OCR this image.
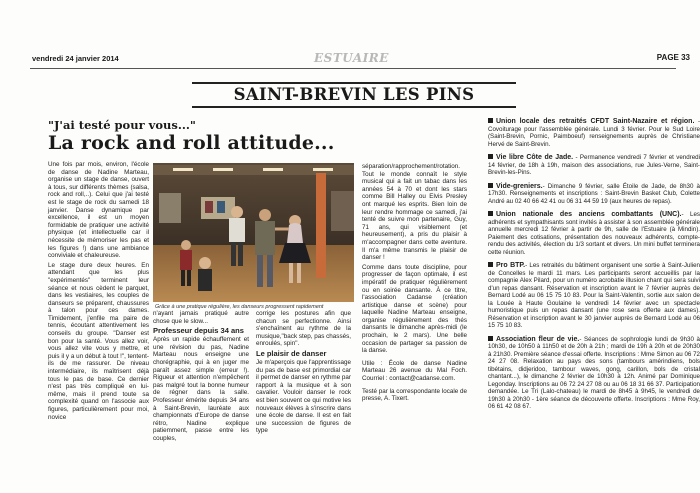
vendredi 24 janvier 2014	ESTUAIRE	PAGE 33
SAINT-BREVIN LES PINS
"J'ai testé pour vous..."
La rock and roll attitude...

Une fois par mois, environ, l'école de danse de Nadine Marteau, organise un stage de danse, ouvert à tous, sur différents thèmes (salsa, rock and roll,..). Celui que j'ai testé est le stage de rock du samedi 18 janvier. Danse dynamique par excellence, il est un moyen formidable de pratiquer une activité physique (et intellectuelle car il nécessite de mémoriser les pas et les figures !) dans une ambiance conviviale et chaleureuse.

Le stage dure deux heures. En attendant que les plus "expérimentés" terminent leur séance et nous cèdent le parquet, dans les vestiaires, les couples de danseurs se préparent, chaussures à talon pour ces dames. Timidement, j'enfile ma paire de tennis, écoutant attentivement les conseils du groupe. "Danser est bon pour la santé. Vous allez voir, vous allez vite vous y mettre, et puis il y a un début à tout !", tentent-ils de me rassurer. De niveau intermédiaire, ils maîtrisent déjà tous le pas de base. Ce dernier n'est pas très compliqué en lui-même, mais il prend toute sa complexité quand on l'associe aux figures, particulièrement pour moi, novice

Grâce à une pratique régulière, les danseurs progressent rapidement

n'ayant jamais pratiqué autre chose que le slow...

Professeur depuis 34 ans

Après un rapide échauffement et une révision du pas, Nadine Marteau nous enseigne une chorégraphie, qui à en juger me paraît assez simple (erreur !). Rigueur et attention n'empêchent pas malgré tout la bonne humeur de régner dans la salle. Professeur émérite depuis 34 ans à Saint-Brevin, lauréate aux championnats d'Europe de danse rétro, Nadine explique patiemment, passe entre les couples,

corrige les postures afin que chacun se perfectionne. Ainsi s'enchaînent au rythme de la musique,"back step, pas chassés, enroulés, spin".

Le plaisir de danser

Je m'aperçois que l'apprentissage du pas de base est primordial car il permet de danser en rythme par rapport à la musique et à son cavalier. Vouloir danser le rock est bien souvent ce qui motive les nouveaux élèves à s'inscrire dans une école de danse. Il est en fait une succession de figures de type

séparation/rapprochement/rotation. Tout le monde connaît le style musical qui a fait un tabac dans les années 54 à 70 et dont les stars comme Bill Halley ou Elvis Presley ont marqué les esprits. Bien loin de leur rendre hommage ce samedi, j'ai tenté de suivre mon partenaire, Guy, 71 ans, qui visiblement (et heureusement), a pris du plaisir à m'accompagner dans cette aventure. Il m'a même transmis le plaisir de danser !

Comme dans toute discipline, pour progresser de façon optimale, il est impératif de pratiquer régulièrement ou en soirée dansante. À ce titre, l'association Cadanse (création artistique danse et scène) pour laquelle Nadine Marteau enseigne, organise régulièrement des thés dansants le dimanche après-midi (le prochain, le 2 mars). Une belle occasion de partager sa passion de la danse.

Utile : École de danse Nadine Marteau 26 avenue du Mal Foch. Courriel : contact@cadanse.com.

Testé par la correspondante locale de presse, A. Tixert.

Union locale des retraités CFDT Saint-Nazaire et région. - Covoiturage pour l'assemblée générale. Lundi 3 février. Pour le Sud Loire (Saint-Brevin, Pornic, Paimboeuf) renseignements auprès de Christiane Hervé de Saint-Brevin.
Vie libre Côte de Jade. - Permanence vendredi 7 février et vendredi 14 février, de 18h à 19h, maison des associations, rue Jules-Verne, Saint-Brevin-les-Pins.
Vide-greniers.- Dimanche 9 février, salle Étoile de Jade, de 8h30 à 17h30. Renseignements et inscriptions : Saint-Brevin Basket Club, Colette André au 02 40 66 42 41 ou 06 31 44 59 19 (aux heures de repas).
Union nationale des anciens combattants (UNC).- Les adhérents et sympathisants sont invités à assister à son assemblée générale annuelle mercredi 12 février à partir de 9h, salle de l'Estuaire (à Mindin). Paiement des cotisations, présentation des nouveaux adhérents, compte-rendu des activités, élection du 1/3 sortant et divers. Un mini buffet terminera cette réunion.
Pro BTP.- Les retraités du bâtiment organisent une sortie à Saint-Julien de Concelles le mardi 11 mars. Les participants seront accueillis par la compagnie Alex Pilard, pour un numéro acrobatie illusion chant qui sera suivi d'un repas dansant. Réservation et inscription avant le 7 février auprès de Bernard Lodé au 06 15 75 10 83. Pour la Saint-Valentin, sortie aux salon de la Louée à Haute Goulaine le vendredi 14 février avec un spectacle humoristique puis un repas dansant (une rose sera offerte aux dames). Réservation et inscription avant le 30 janvier auprès de Bernard Lodé au 06 15 75 10 83.
Association fleur de vie.- Séances de sophrologie lundi de 9h30 à 10h30, de 10h50 à 11h50 et de 20h à 21h ; mardi de 19h à 20h et de 20h30 à 21h30. Première séance d'essai offerte. Inscriptions : Mme Simon au 06 72 24 27 08. Relaxation au pays des sons (tambours amérindiens, bols tibétains, didjeridoo, tambour waves, gong, carillon, bols de cristal chantant...), le dimanche 2 février de 10h30 à 12h. Animé par Dominique Legonday. Inscriptions au 06 72 24 27 08 ou au 06 18 31 66 37. Participation demandée. Le Tri (Lalo-chateau) le mardi de 8h45 à 9h45, le vendredi de 19h30 à 20h30 - 1ère séance de découverte offerte. Inscriptions : Mme Roy, 06 61 42 08 67.
